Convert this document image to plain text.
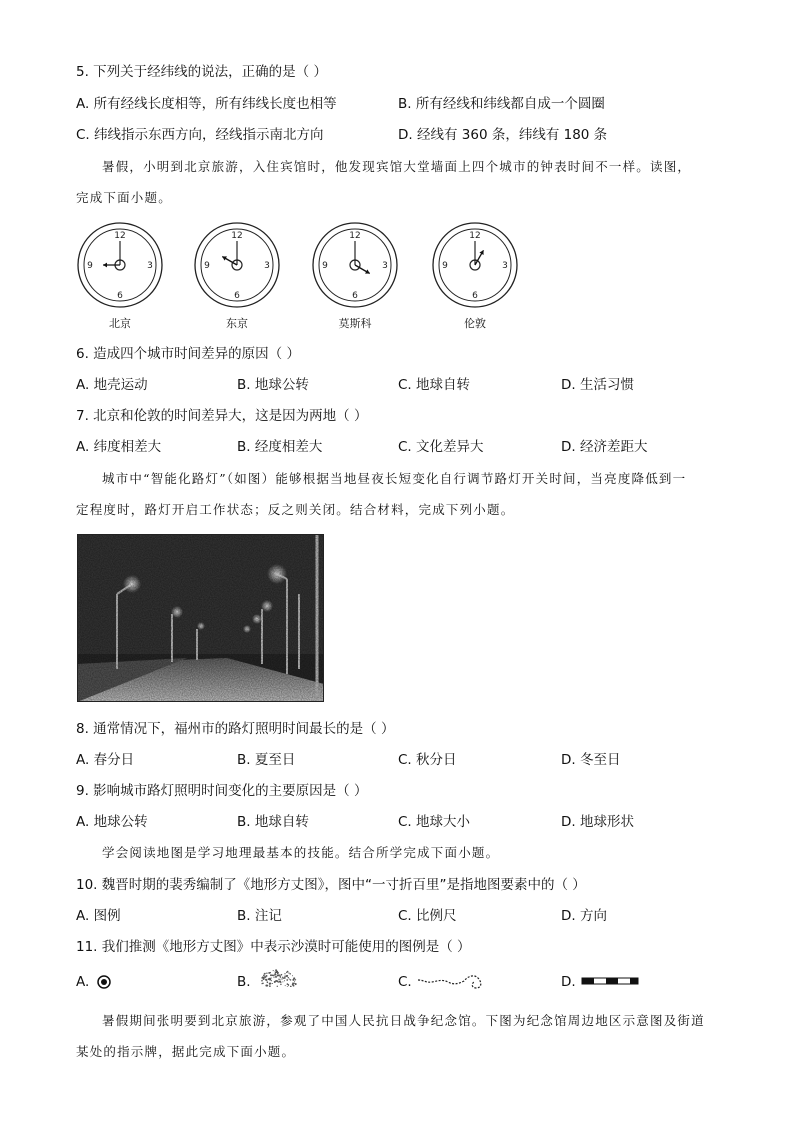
5. 下列关于经纬线的说法，正确的是（ ）
A. 所有经线长度相等，所有纬线长度也相等	B. 所有经线和纬线都自成一个圆圈
C. 纬线指示东西方向，经线指示南北方向	D. 经线有 360 条，纬线有 180 条
暑假，小明到北京旅游，入住宾馆时，他发现宾馆大堂墙面上四个城市的钟表时间不一样。读图，
完成下面小题。
12
3
6
9
12
3
6
9
12
3
6
9
12
3
6
9
北京	东京	莫斯科	伦敦
6. 造成四个城市时间差异的原因（ ）
A. 地壳运动	B. 地球公转	C. 地球自转	D. 生活习惯
7. 北京和伦敦的时间差异大，这是因为两地（ ）
A. 纬度相差大	B. 经度相差大	C. 文化差异大	D. 经济差距大
城市中“智能化路灯”（如图）能够根据当地昼夜长短变化自行调节路灯开关时间，当亮度降低到一
定程度时，路灯开启工作状态；反之则关闭。结合材料，完成下列小题。
8. 通常情况下，福州市的路灯照明时间最长的是（ ）
A. 春分日	B. 夏至日	C. 秋分日	D. 冬至日
9. 影响城市路灯照明时间变化的主要原因是（ ）
A. 地球公转	B. 地球自转	C. 地球大小	D. 地球形状
学会阅读地图是学习地理最基本的技能。结合所学完成下面小题。
10. 魏晋时期的裴秀编制了《地形方丈图》，图中“一寸折百里”是指地图要素中的（ ）
A. 图例	B. 注记	C. 比例尺	D. 方向
11. 我们推测《地形方丈图》中表示沙漠时可能使用的图例是（ ）
A.	B.	C.	D.
暑假期间张明要到北京旅游，参观了中国人民抗日战争纪念馆。下图为纪念馆周边地区示意图及街道
某处的指示牌，据此完成下面小题。
